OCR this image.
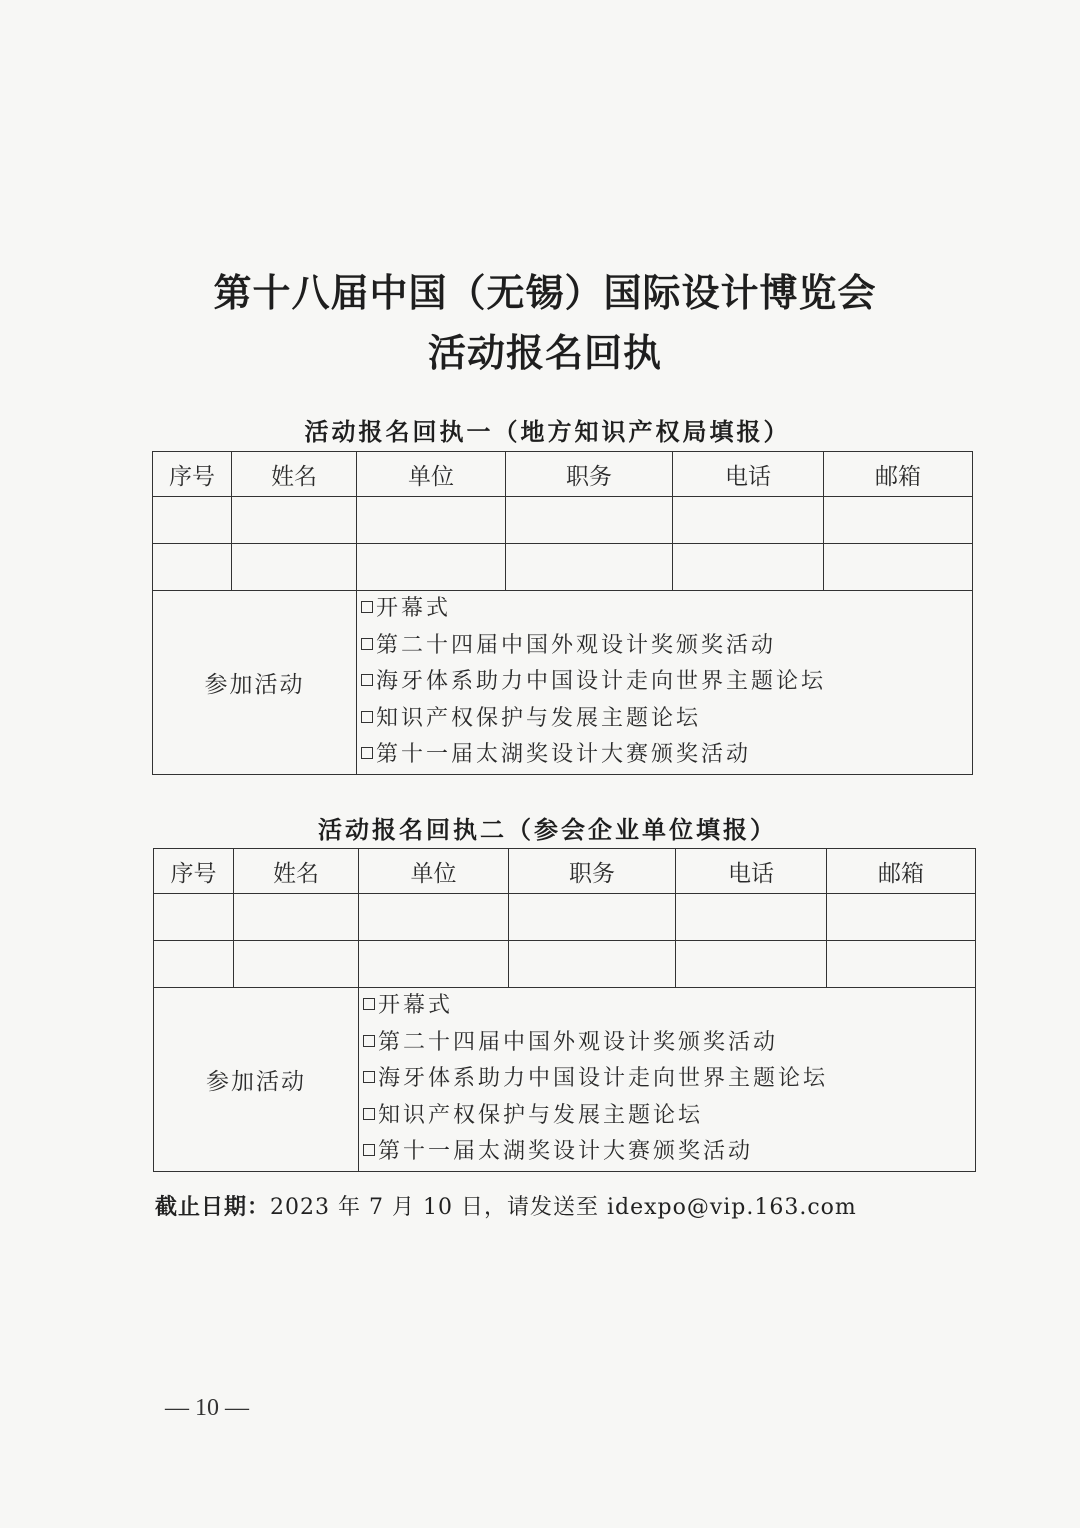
第十八届中国（无锡）国际设计博览会
活动报名回执
活动报名回执一（地方知识产权局填报）
序号	姓名	单位	职务	电话	邮箱

参加活动		开幕式
第二十四届中国外观设计奖颁奖活动
海牙体系助力中国设计走向世界主题论坛
知识产权保护与发展主题论坛
第十一届太湖奖设计大赛颁奖活动			
活动报名回执二（参会企业单位填报）
序号	姓名	单位	职务	电话	邮箱

参加活动		开幕式
第二十四届中国外观设计奖颁奖活动
海牙体系助力中国设计走向世界主题论坛
知识产权保护与发展主题论坛
第十一届太湖奖设计大赛颁奖活动			
截止日期：2023 年 7 月 10 日，请发送至 idexpo@vip.163.com
— 10 —
